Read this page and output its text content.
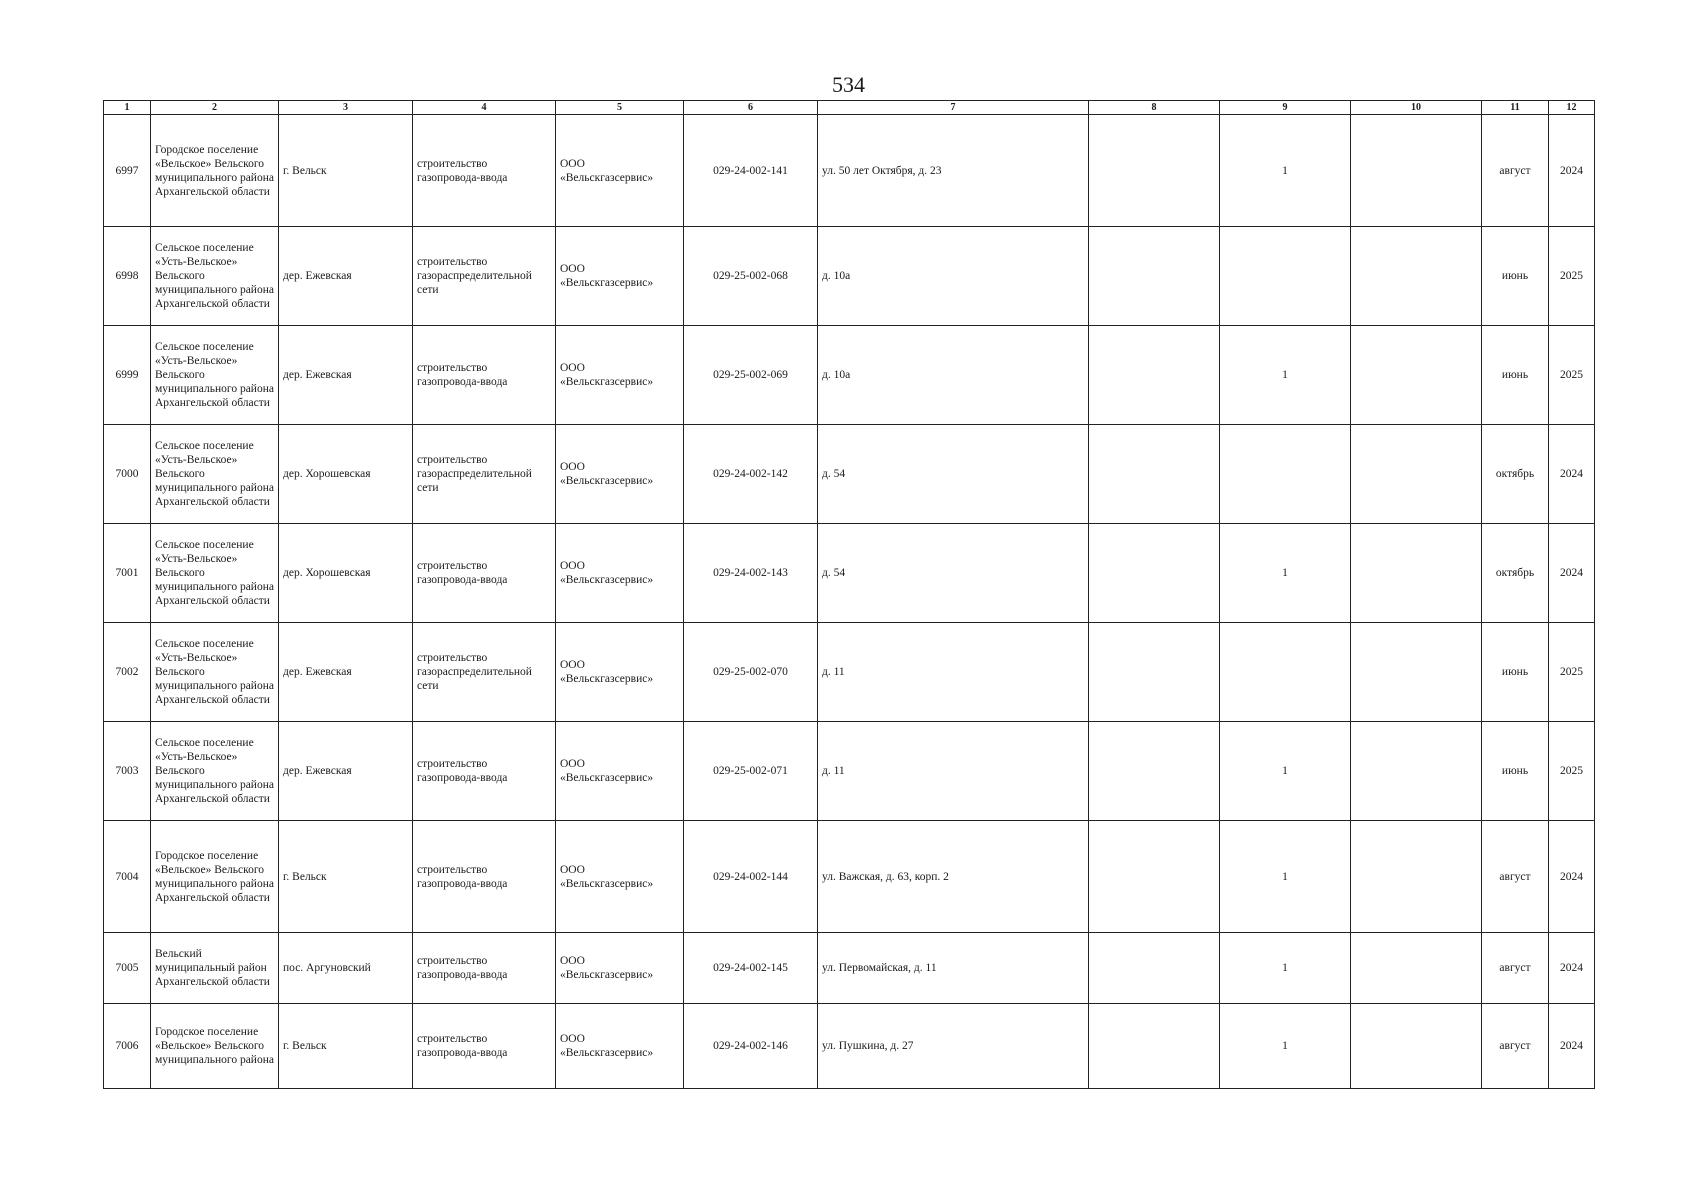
534
1	2	3	4	5	6	7	8	9	10	11	12
6997	Городское поселение «Вельское» Вельского муниципального района Архангельской области	г. Вельск	строительство газопровода-ввода	ООО «Вельскгазсервис»	029-24-002-141	ул. 50 лет Октября, д. 23		1		август	2024
6998	Сельское поселение «Усть-Вельское» Вельского муниципального района Архангельской области	дер. Ежевская	строительство газораспределительной сети	ООО «Вельскгазсервис»	029-25-002-068	д. 10а				июнь	2025
6999	Сельское поселение «Усть-Вельское» Вельского муниципального района Архангельской области	дер. Ежевская	строительство газопровода-ввода	ООО «Вельскгазсервис»	029-25-002-069	д. 10а		1		июнь	2025
7000	Сельское поселение «Усть-Вельское» Вельского муниципального района Архангельской области	дер. Хорошевская	строительство газораспределительной сети	ООО «Вельскгазсервис»	029-24-002-142	д. 54				октябрь	2024
7001	Сельское поселение «Усть-Вельское» Вельского муниципального района Архангельской области	дер. Хорошевская	строительство газопровода-ввода	ООО «Вельскгазсервис»	029-24-002-143	д. 54		1		октябрь	2024
7002	Сельское поселение «Усть-Вельское» Вельского муниципального района Архангельской области	дер. Ежевская	строительство газораспределительной сети	ООО «Вельскгазсервис»	029-25-002-070	д. 11				июнь	2025
7003	Сельское поселение «Усть-Вельское» Вельского муниципального района Архангельской области	дер. Ежевская	строительство газопровода-ввода	ООО «Вельскгазсервис»	029-25-002-071	д. 11		1		июнь	2025
7004	Городское поселение «Вельское» Вельского муниципального района Архангельской области	г. Вельск	строительство газопровода-ввода	ООО «Вельскгазсервис»	029-24-002-144	ул. Важская, д. 63, корп. 2		1		август	2024
7005	Вельский муниципальный район Архангельской области	пос. Аргуновский	строительство газопровода-ввода	ООО «Вельскгазсервис»	029-24-002-145	ул. Первомайская, д. 11		1		август	2024
7006	Городское поселение «Вельское» Вельского муниципального района	г. Вельск	строительство газопровода-ввода	ООО «Вельскгазсервис»	029-24-002-146	ул. Пушкина, д. 27		1		август	2024
